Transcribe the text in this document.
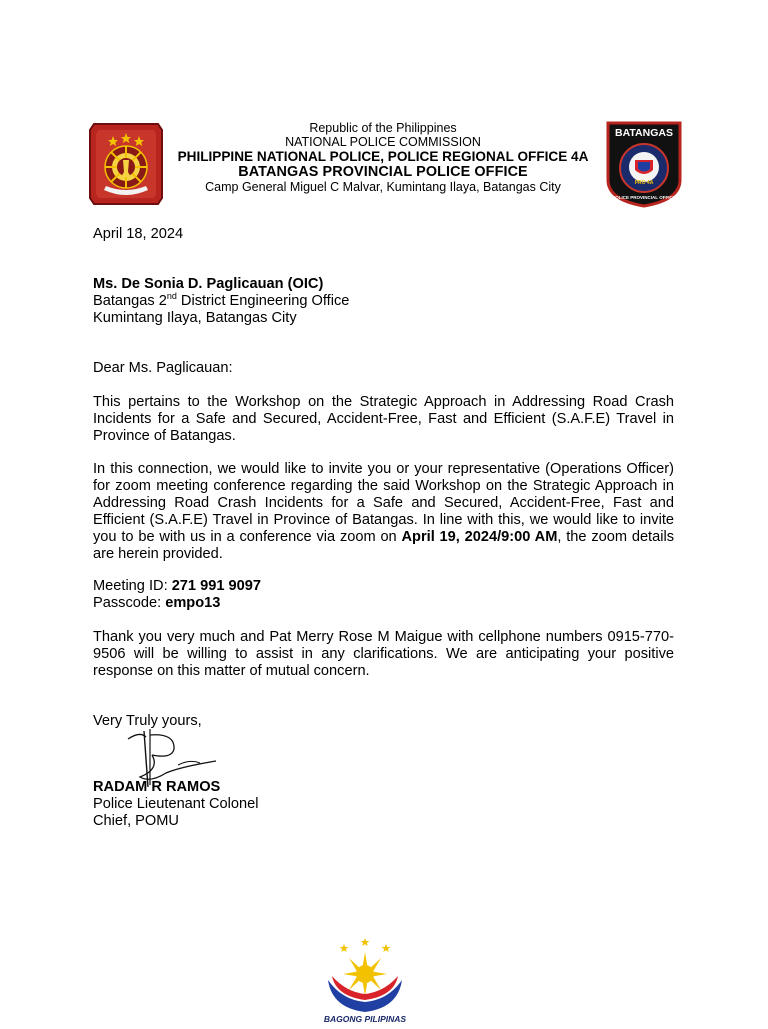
Republic of the Philippines
NATIONAL POLICE COMMISSION
PHILIPPINE NATIONAL POLICE, POLICE REGIONAL OFFICE 4A
BATANGAS PROVINCIAL POLICE OFFICE
Camp General Miguel C Malvar, Kumintang Ilaya, Batangas City
BATANGAS
PRO 4A
POLICE PROVINCIAL OFFICE
April 18, 2024
Ms. De Sonia D. Paglicauan (OIC)
Batangas 2nd District Engineering Office
Kumintang Ilaya, Batangas City
Dear Ms. Paglicauan:
This pertains to the Workshop on the Strategic Approach in Addressing Road Crash Incidents for a Safe and Secured, Accident-Free, Fast and Efficient (S.A.F.E) Travel in Province of Batangas.
In this connection, we would like to invite you or your representative (Operations Officer) for zoom meeting conference regarding the said Workshop on the Strategic Approach in Addressing Road Crash Incidents for a Safe and Secured, Accident-Free, Fast and Efficient (S.A.F.E) Travel in Province of Batangas. In line with this, we would like to invite you to be with us in a conference via zoom on April 19, 2024/9:00 AM, the zoom details are herein provided.
Meeting ID: 271 991 9097
Passcode: empo13
Thank you very much and Pat Merry Rose M Maigue with cellphone numbers 0915-770-9506 will be willing to assist in any clarifications. We are anticipating your positive response on this matter of mutual concern.
Very Truly yours,
RADAM R RAMOS
Police Lieutenant Colonel
Chief, POMU
BAGONG PILIPINAS
